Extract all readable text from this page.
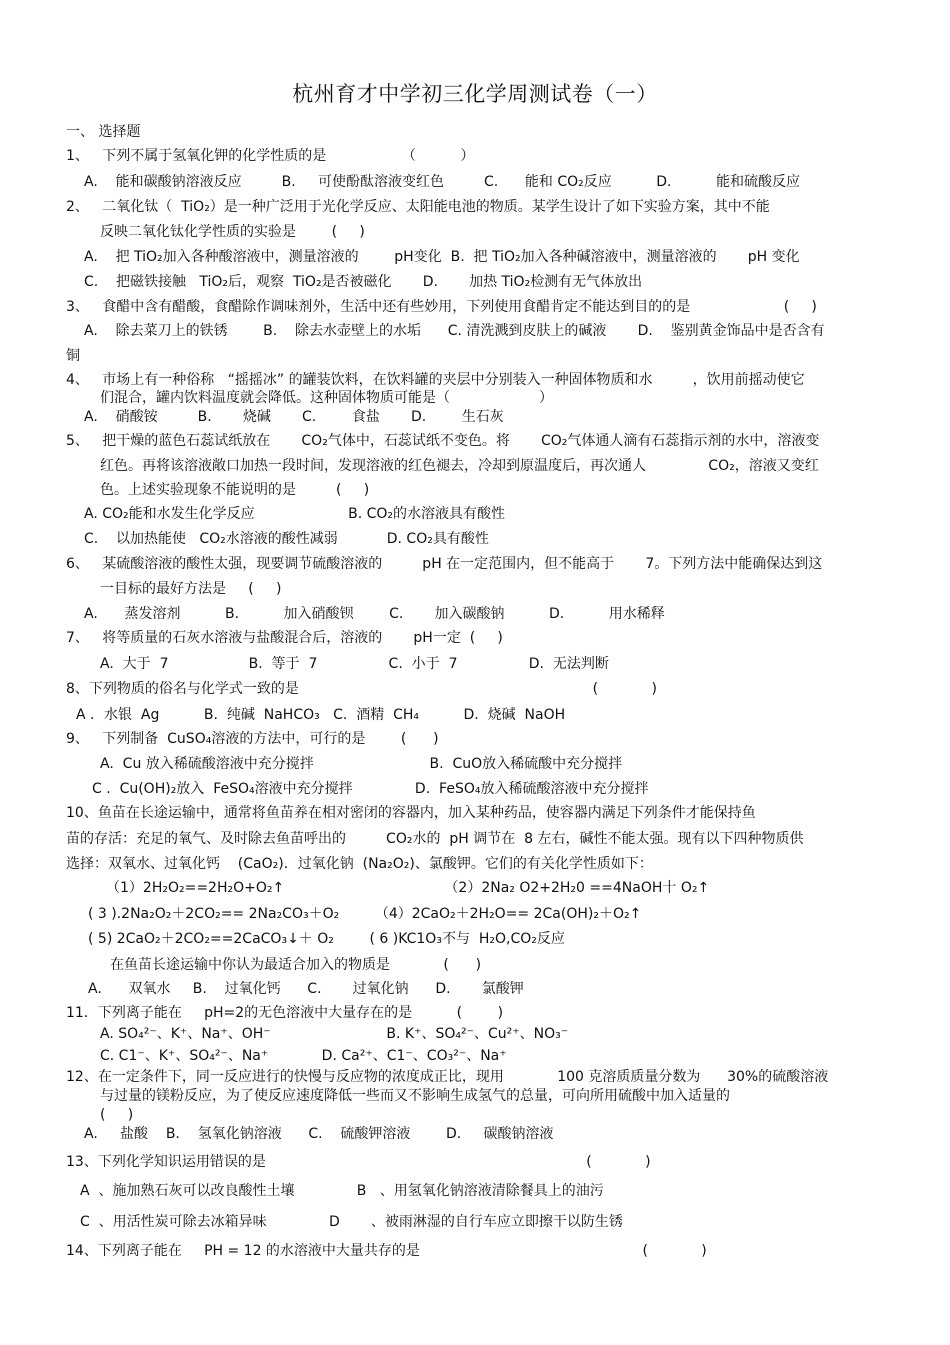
杭州育才中学初三化学周测试卷（一）
一、 选择题
1、   下列不属于氢氧化钾的化学性质的是                 （          ）
A.    能和碳酸钠溶液反应         B.     可使酚酞溶液变红色         C.      能和 CO₂反应          D.          能和硫酸反应
2、   二氧化钛（  TiO₂）是一种广泛用于光化学反应、太阳能电池的物质。某学生设计了如下实验方案，其中不能
反映二氧化钛化学性质的实验是        (     )
A.    把 TiO₂加入各种酸溶液中，测量溶液的        pH变化  B.  把 TiO₂加入各种碱溶液中，测量溶液的       pH 变化
C.    把磁铁接触   TiO₂后，观察  TiO₂是否被磁化       D.       加热 TiO₂检测有无气体放出
3、   食醋中含有醋酸，食醋除作调味剂外，生活中还有些妙用，下列使用食醋肯定不能达到目的的是                     (     )
A.    除去菜刀上的铁锈        B.    除去水壶壁上的水垢      C. 清洗溅到皮肤上的碱液       D.    鉴别黄金饰品中是否含有
铜
4、   市场上有一种俗称   “摇摇冰” 的罐装饮料，在饮料罐的夹层中分别装入一种固体物质和水         ，饮用前摇动使它
们混合，罐内饮料温度就会降低。这种固体物质可能是（                    ）
A.    硝酸铵         B.       烧碱       C.        食盐       D.        生石灰
5、   把干燥的蓝色石蕊试纸放在       CO₂气体中，石蕊试纸不变色。将       CO₂气体通人滴有石蕊指示剂的水中，溶液变
红色。再将该溶液敞口加热一段时间，发现溶液的红色褪去，冷却到原温度后，再次通人              CO₂，溶液又变红
色。上述实验现象不能说明的是         (     )
A. CO₂能和水发生化学反应                     B. CO₂的水溶液具有酸性
C.    以加热能使   CO₂水溶液的酸性减弱           D. CO₂具有酸性
6、   某硫酸溶液的酸性太强，现要调节硫酸溶液的         pH 在一定范围内，但不能高于       7。下列方法中能确保达到这
一目标的最好方法是     (     )
A.      蒸发溶剂          B.          加入硝酸钡        C.       加入碳酸钠          D.          用水稀释
7、   将等质量的石灰水溶液与盐酸混合后，溶液的       pH一定  (     )
A.  大于  7                  B.  等于  7                C.  小于  7                D.  无法判断
8、下列物质的俗名与化学式一致的是                                                                  (            )
A ．水银  Ag          B.  纯碱  NaHCO₃   C.  酒精  CH₄          D.  烧碱  NaOH
9、   下列制备  CuSO₄溶液的方法中，可行的是        (      )
A.  Cu 放入稀硫酸溶液中充分搅拌                          B.  CuO放入稀硫酸中充分搅拌
C .  Cu(OH)₂放入  FeSO₄溶液中充分搅拌              D.  FeSO₄放入稀硫酸溶液中充分搅拌
10、鱼苗在长途运输中，通常将鱼苗养在相对密闭的容器内，加入某种药品，使容器内满足下列条件才能保持鱼
苗的存活：充足的氧气、及时除去鱼苗呼出的         CO₂水的  pH 调节在  8 左右，碱性不能太强。现有以下四种物质供
选择：双氧水、过氧化钙    (CaO₂)．过氧化钠  (Na₂O₂)、氯酸钾。它们的有关化学性质如下：
（1）2H₂O₂==2H₂O+O₂↑                                    （2）2Na₂ O2+2H₂0 ==4NaOH十 O₂↑
( 3 ).2Na₂O₂＋2CO₂== 2Na₂CO₃＋O₂        （4）2CaO₂＋2H₂O== 2Ca(OH)₂＋O₂↑
( 5) 2CaO₂＋2CO₂==2CaCO₃↓＋ O₂        ( 6 )KC1O₃不与  H₂O,CO₂反应
在鱼苗长途运输中你认为最适合加入的物质是            (      )
A.      双氧水     B.    过氧化钙      C.       过氧化钠      D.       氯酸钾
11．下列离子能在     pH=2的无色溶液中大量存在的是          (        )
A. SO₄²⁻、K⁺、Na⁺、OH⁻                          B. K⁺、SO₄²⁻、Cu²⁺、NO₃⁻
C. C1⁻、K⁺、SO₄²⁻、Na⁺            D. Ca²⁺、C1⁻、CO₃²⁻、Na⁺
12、在一定条件下，同一反应进行的快慢与反应物的浓度成正比，现用            100 克溶质质量分数为      30%的硫酸溶液
与过量的镁粉反应，为了使反应速度降低一些而又不影响生成氢气的总量，可向所用硫酸中加入适量的
(     )
A.     盐酸    B.    氢氧化钠溶液      C.    硫酸钾溶液        D.     碳酸钠溶液
13、下列化学知识运用错误的是                                                                        (            )
A  、施加熟石灰可以改良酸性土壤              B   、用氢氧化钠溶液清除餐具上的油污
C  、用活性炭可除去冰箱异味              D       、被雨淋湿的自行车应立即擦干以防生锈
14、下列离子能在     PH = 12 的水溶液中大量共存的是                                                  (            )
